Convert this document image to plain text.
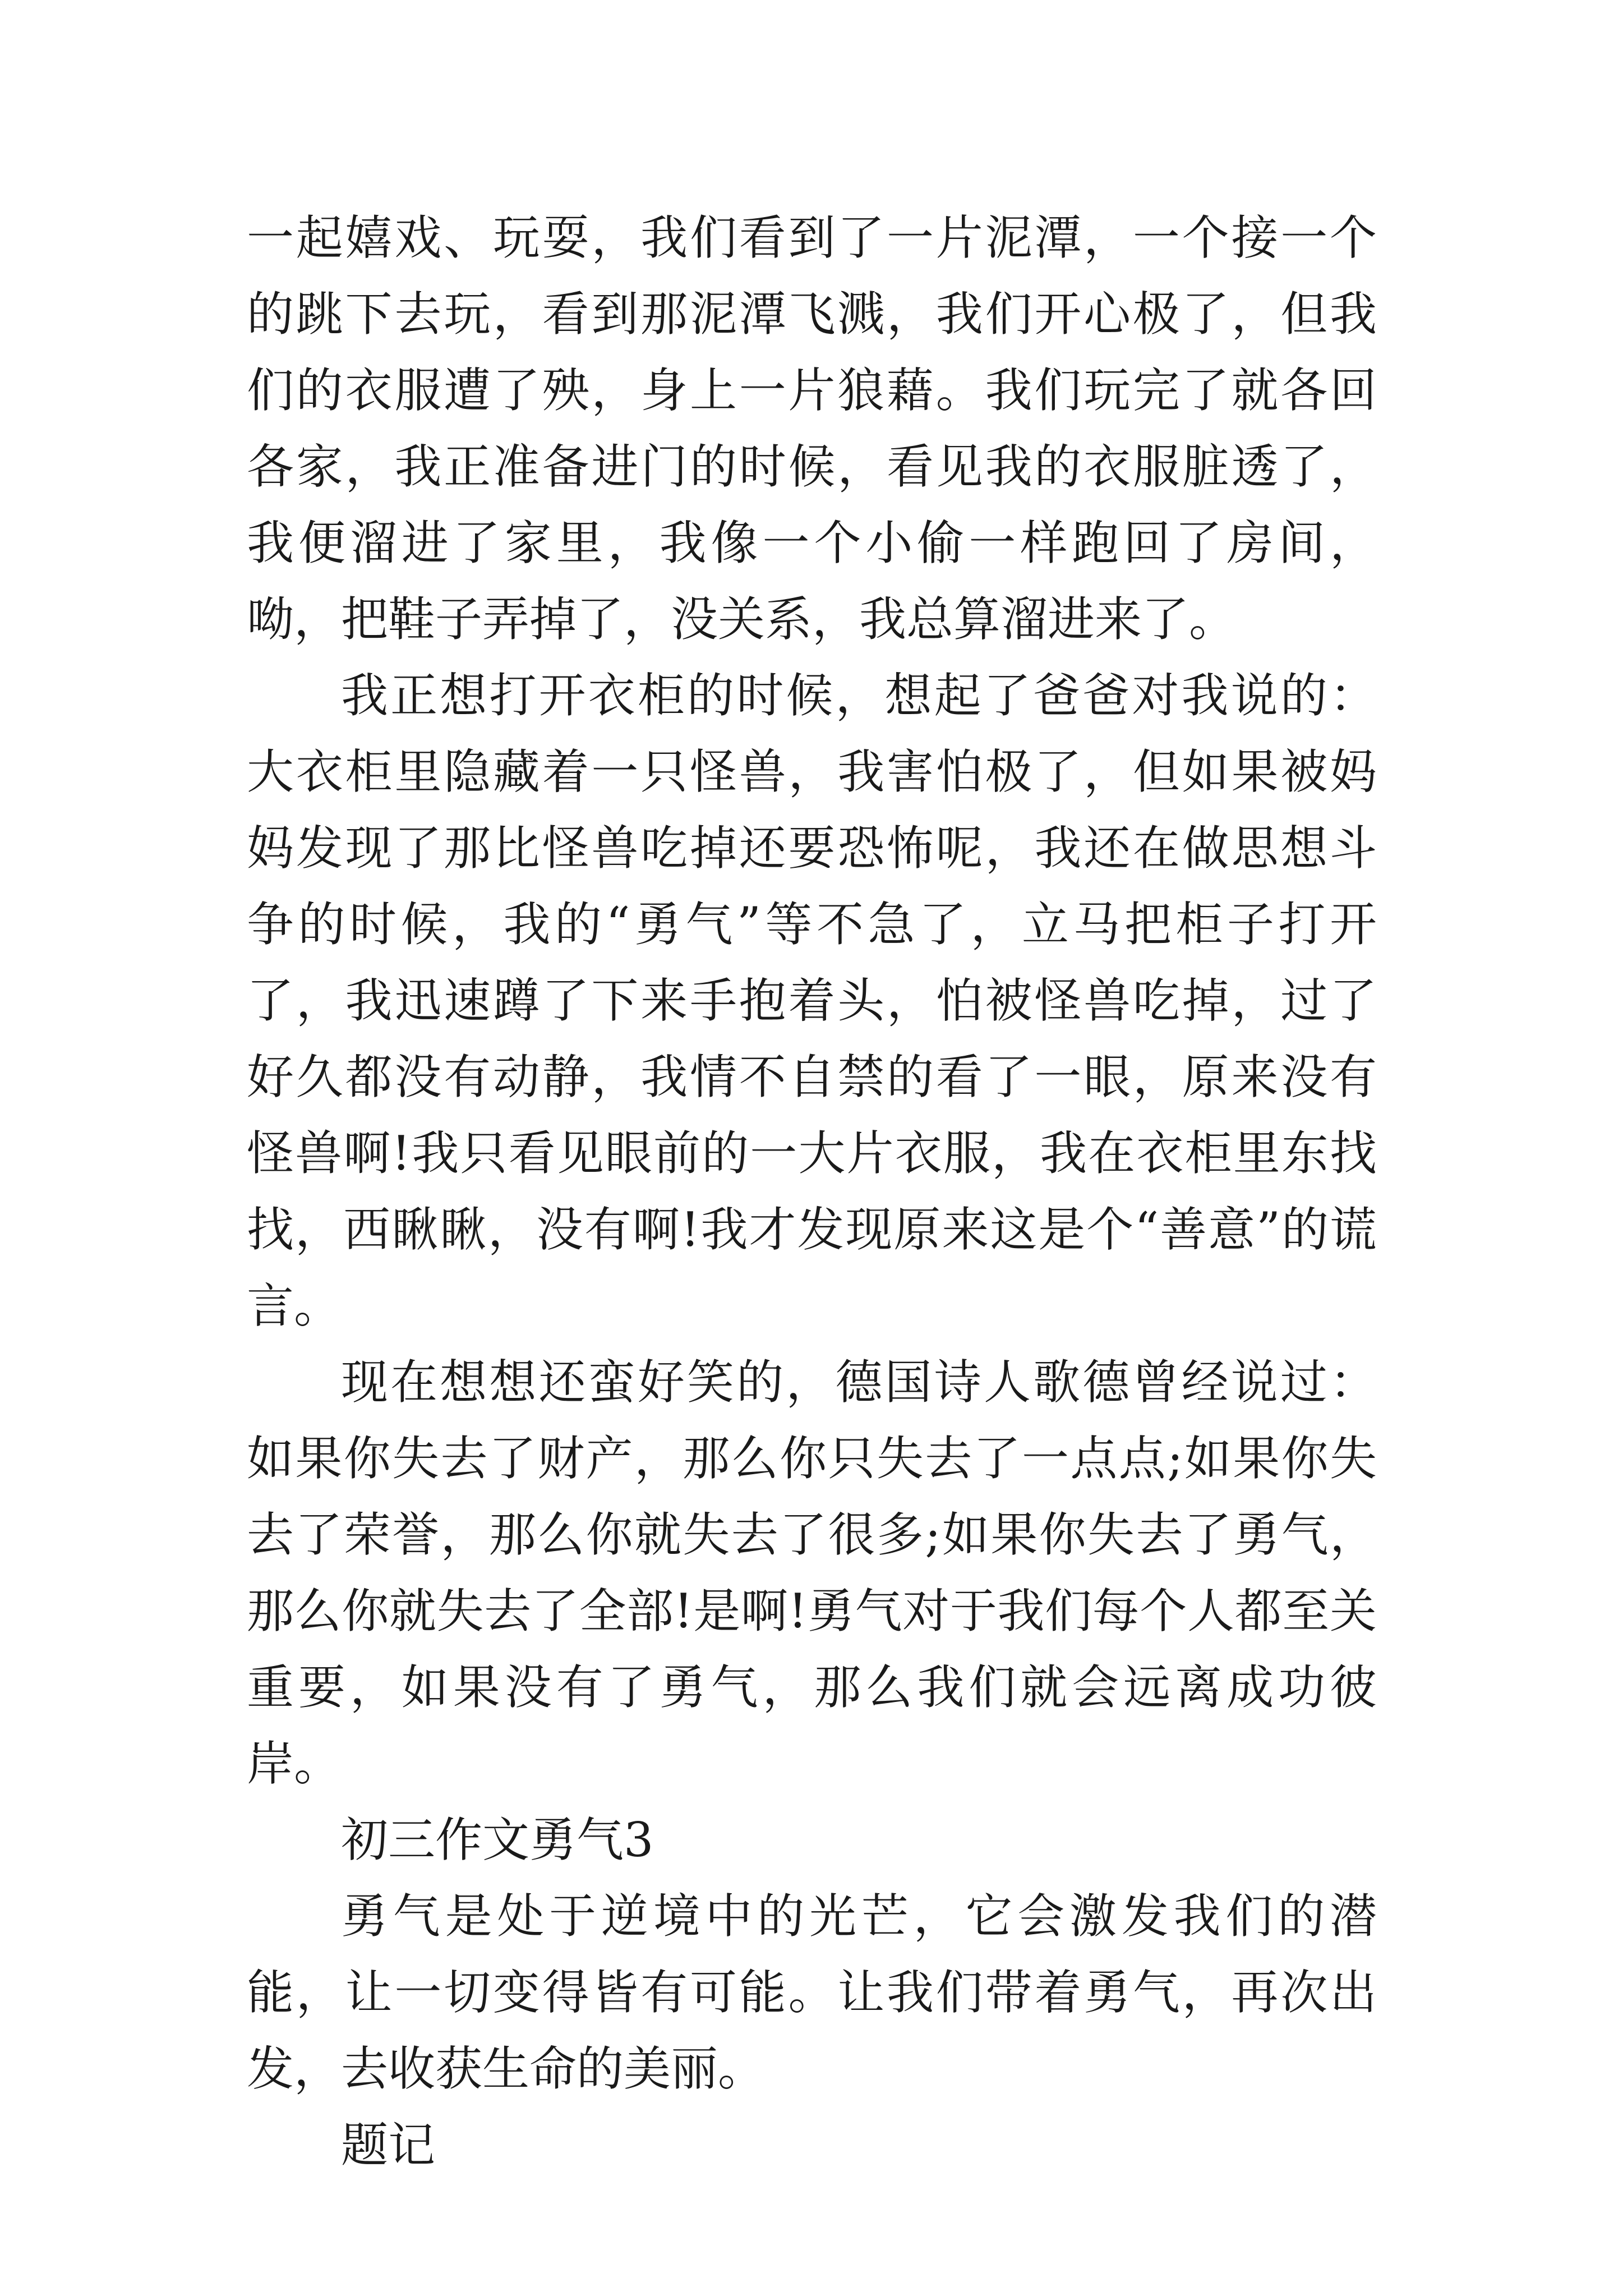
一起嬉戏、玩耍，我们看到了一片泥潭，一个接一个的跳下去玩，看到那泥潭飞溅，我们开心极了，但我们的衣服遭了殃，身上一片狼藉。我们玩完了就各回各家，我正准备进门的时候，看见我的衣服脏透了，我便溜进了家里，我像一个小偷一样跑回了房间，呦，把鞋子弄掉了，没关系，我总算溜进来了。

我正想打开衣柜的时候，想起了爸爸对我说的：大衣柜里隐藏着一只怪兽，我害怕极了，但如果被妈妈发现了那比怪兽吃掉还要恐怖呢，我还在做思想斗争的时候，我的“勇气”等不急了，立马把柜子打开了，我迅速蹲了下来手抱着头，怕被怪兽吃掉，过了好久都没有动静，我情不自禁的看了一眼，原来没有怪兽啊!我只看见眼前的一大片衣服，我在衣柜里东找找，西瞅瞅，没有啊!我才发现原来这是个“善意”的谎言。

现在想想还蛮好笑的，德国诗人歌德曾经说过：如果你失去了财产，那么你只失去了一点点;如果你失去了荣誉，那么你就失去了很多;如果你失去了勇气，那么你就失去了全部!是啊!勇气对于我们每个人都至关重要，如果没有了勇气，那么我们就会远离成功彼岸。

初三作文勇气3

勇气是处于逆境中的光芒，它会激发我们的潜能，让一切变得皆有可能。让我们带着勇气，再次出发，去收获生命的美丽。

题记
